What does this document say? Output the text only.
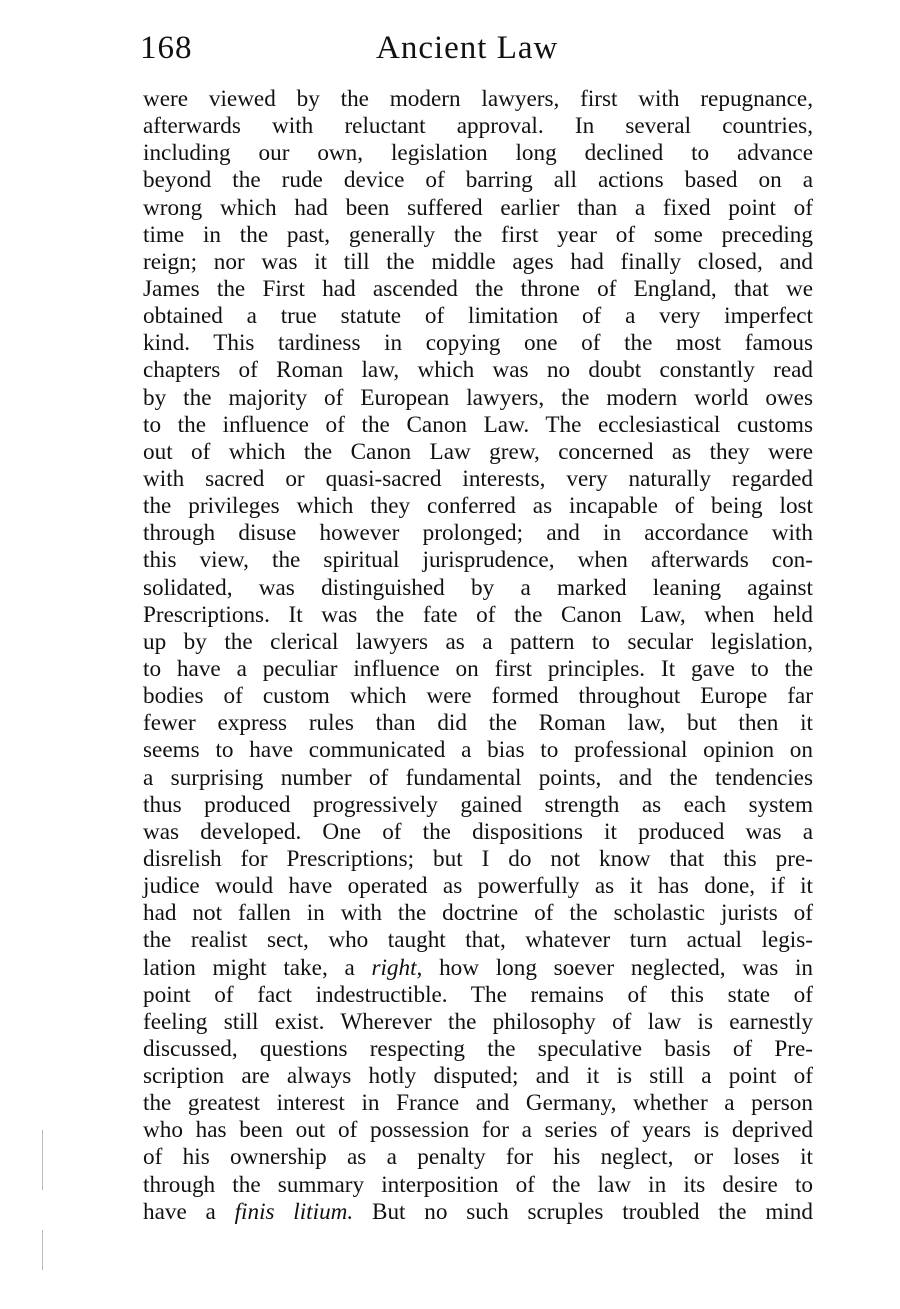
168	Ancient Law
were viewed by the modern lawyers, first with repugnance,
afterwards with reluctant approval. In several countries,
including our own, legislation long declined to advance
beyond the rude device of barring all actions based on a
wrong which had been suffered earlier than a fixed point of
time in the past, generally the first year of some preceding
reign; nor was it till the middle ages had finally closed, and
James the First had ascended the throne of England, that we
obtained a true statute of limitation of a very imperfect
kind. This tardiness in copying one of the most famous
chapters of Roman law, which was no doubt constantly read
by the majority of European lawyers, the modern world owes
to the influence of the Canon Law. The ecclesiastical customs
out of which the Canon Law grew, concerned as they were
with sacred or quasi-sacred interests, very naturally regarded
the privileges which they conferred as incapable of being lost
through disuse however prolonged; and in accordance with
this view, the spiritual jurisprudence, when afterwards con-
solidated, was distinguished by a marked leaning against
Prescriptions. It was the fate of the Canon Law, when held
up by the clerical lawyers as a pattern to secular legislation,
to have a peculiar influence on first principles. It gave to the
bodies of custom which were formed throughout Europe far
fewer express rules than did the Roman law, but then it
seems to have communicated a bias to professional opinion on
a surprising number of fundamental points, and the tendencies
thus produced progressively gained strength as each system
was developed. One of the dispositions it produced was a
disrelish for Prescriptions; but I do not know that this pre-
judice would have operated as powerfully as it has done, if it
had not fallen in with the doctrine of the scholastic jurists of
the realist sect, who taught that, whatever turn actual legis-
lation might take, a right, how long soever neglected, was in
point of fact indestructible. The remains of this state of
feeling still exist. Wherever the philosophy of law is earnestly
discussed, questions respecting the speculative basis of Pre-
scription are always hotly disputed; and it is still a point of
the greatest interest in France and Germany, whether a person
who has been out of possession for a series of years is deprived
of his ownership as a penalty for his neglect, or loses it
through the summary interposition of the law in its desire to
have a finis litium. But no such scruples troubled the mind
